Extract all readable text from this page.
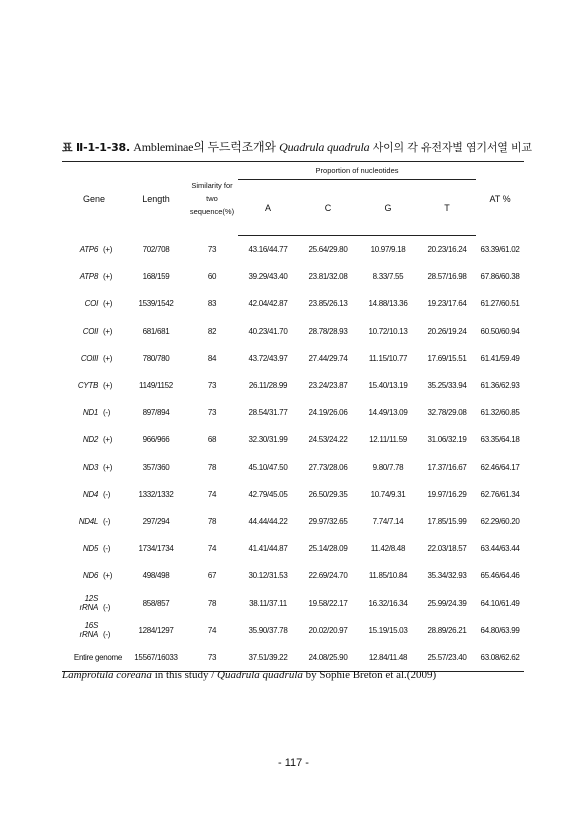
표 Ⅱ-1-1-38. Ambleminae의 두드럭조개와 Quadrula quadrula 사이의 각 유전자별 염기서열 비교
Gene	Length	Similarity for
two
sequence(%)	Proportion of nucleotides				AT %
			A	C	G	T	
ATP6 (+)	702/708	73	43.16/44.77	25.64/29.80	10.97/9.18	20.23/16.24	63.39/61.02
ATP8 (+)	168/159	60	39.29/43.40	23.81/32.08	8.33/7.55	28.57/16.98	67.86/60.38
COI (+)	1539/1542	83	42.04/42.87	23.85/26.13	14.88/13.36	19.23/17.64	61.27/60.51
COII (+)	681/681	82	40.23/41.70	28.78/28.93	10.72/10.13	20.26/19.24	60.50/60.94
COIII (+)	780/780	84	43.72/43.97	27.44/29.74	11.15/10.77	17.69/15.51	61.41/59.49
CYTB (+)	1149/1152	73	26.11/28.99	23.24/23.87	15.40/13.19	35.25/33.94	61.36/62.93
ND1 (-)	897/894	73	28.54/31.77	24.19/26.06	14.49/13.09	32.78/29.08	61.32/60.85
ND2 (+)	966/966	68	32.30/31.99	24.53/24.22	12.11/11.59	31.06/32.19	63.35/64.18
ND3 (+)	357/360	78	45.10/47.50	27.73/28.06	9.80/7.78	17.37/16.67	62.46/64.17
ND4 (-)	1332/1332	74	42.79/45.05	26.50/29.35	10.74/9.31	19.97/16.29	62.76/61.34
ND4L (-)	297/294	78	44.44/44.22	29.97/32.65	7.74/7.14	17.85/15.99	62.29/60.20
ND5 (-)	1734/1734	74	41.41/44.87	25.14/28.09	11.42/8.48	22.03/18.57	63.44/63.44
ND6 (+)	498/498	67	30.12/31.53	22.69/24.70	11.85/10.84	35.34/32.93	65.46/64.46
12S rRNA (-)	858/857	78	38.11/37.11	19.58/22.17	16.32/16.34	25.99/24.39	64.10/61.49
16S rRNA (-)	1284/1297	74	35.90/37.78	20.02/20.97	15.19/15.03	28.89/26.21	64.80/63.99
Entire genome	15567/16033	73	37.51/39.22	24.08/25.90	12.84/11.48	25.57/23.40	63.08/62.62
Lamprotula coreana in this study / Quadrula quadrula by Sophie Breton et al.(2009)
- 117 -
